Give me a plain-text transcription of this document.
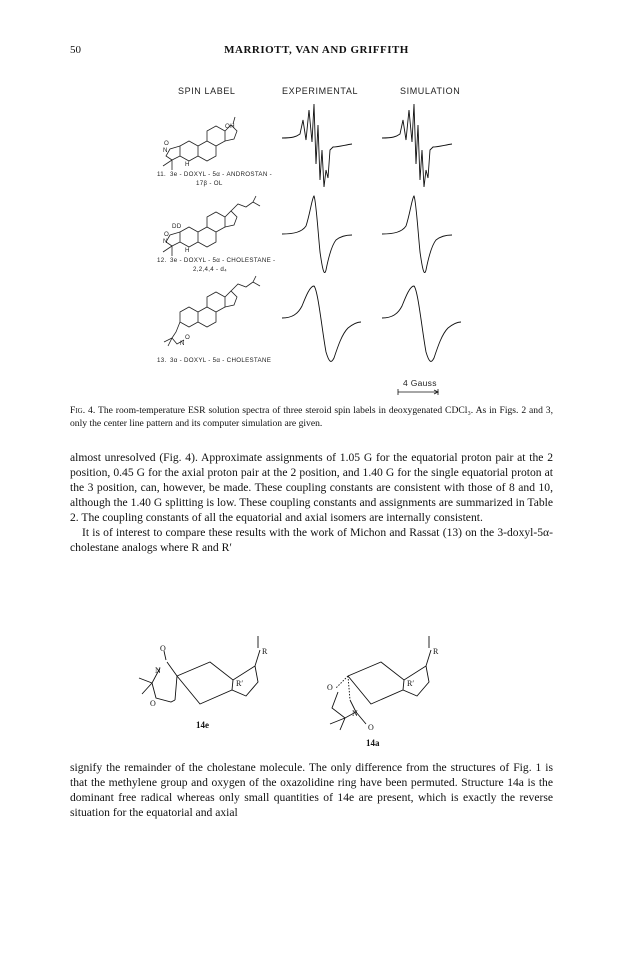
50	MARRIOTT, VAN AND GRIFFITH
SPIN LABEL	EXPERIMENTAL	SIMULATION
OH
O
N
H
11. 3e - DOXYL - 5α - ANDROSTAN -
17β - OL
DD
O
N
H
12. 3e - DOXYL - 5α - CHOLESTANE -
2,2,4,4 - d₄
N
O
13. 3α - DOXYL - 5α - CHOLESTANE
4 Gauss
Fig. 4. The room-temperature ESR solution spectra of three steroid spin labels in deoxygenated CDCl₃. As in Figs. 2 and 3, only the center line pattern and its computer simulation are given.

almost unresolved (Fig. 4). Approximate assignments of 1.05 G for the equatorial proton pair at the 2 position, 0.45 G for the axial proton pair at the 2 position, and 1.40 G for the single equatorial proton at the 3 position, can, however, be made. These coupling constants are consistent with those of 8 and 10, although the 1.40 G splitting is low. These coupling constants and assignments are summarized in Table 2. The coupling constants of all the equatorial and axial isomers are internally consistent.

It is of interest to compare these results with the work of Michon and Rassat (13) on the 3-doxyl-5α-cholestane analogs where R and R′

O
N
O
R
R′
14e
O
N
O
R
R′
14a

signify the remainder of the cholestane molecule. The only difference from the structures of Fig. 1 is that the methylene group and oxygen of the oxazolidine ring have been permuted. Structure 14a is the dominant free radical whereas only small quantities of 14e are present, which is exactly the reverse situation for the equatorial and axial
